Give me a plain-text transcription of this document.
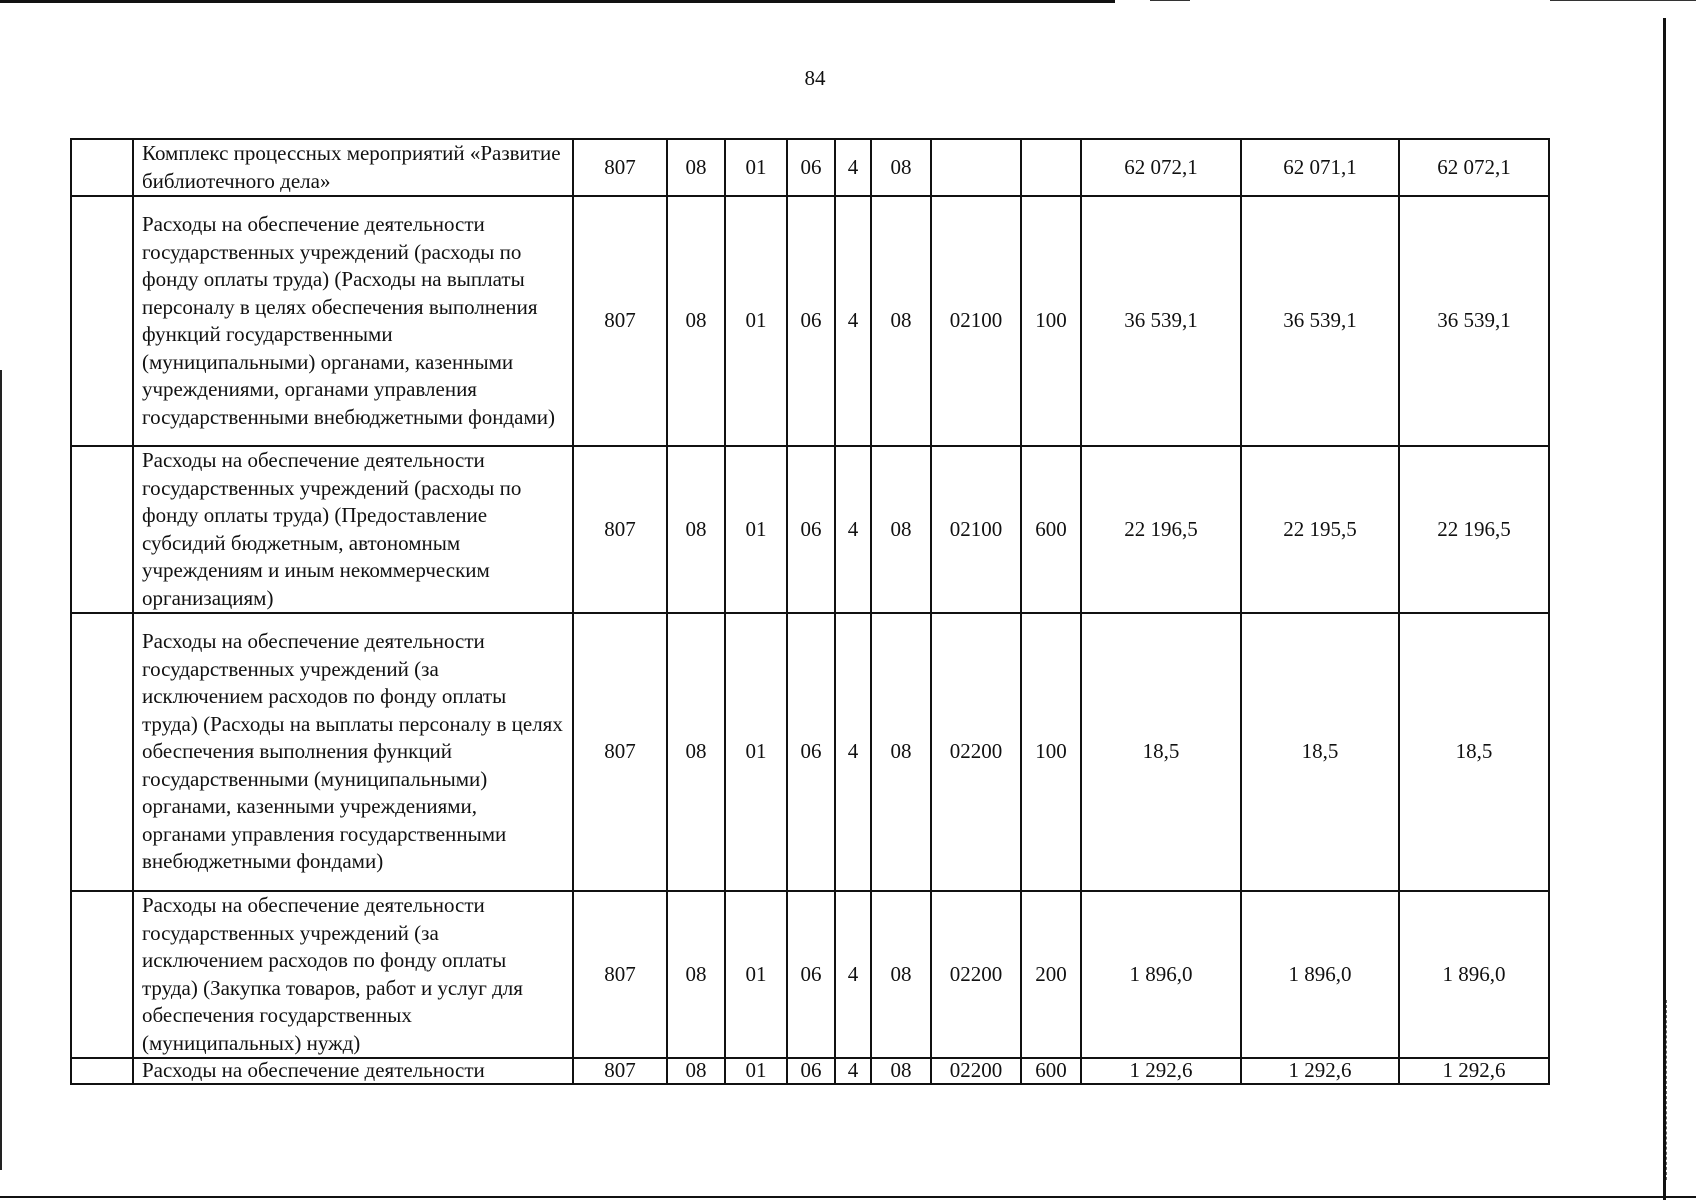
84
	Комплекс процессных мероприятий «Развитие библиотечного дела»	807	08	01	06	4	08			62 072,1	62 071,1	62 072,1
	Расходы на обеспечение деятельности государственных учреждений (расходы по фонду оплаты труда) (Расходы на выплаты персоналу в целях обеспечения выполнения функций государственными (муниципальными) органами, казенными учреждениями, органами управления государственными внебюджетными фондами)	807	08	01	06	4	08	02100	100	36 539,1	36 539,1	36 539,1
	Расходы на обеспечение деятельности государственных учреждений (расходы по фонду оплаты труда) (Предоставление субсидий бюджетным, автономным учреждениям и иным некоммерческим организациям)	807	08	01	06	4	08	02100	600	22 196,5	22 195,5	22 196,5
	Расходы на обеспечение деятельности государственных учреждений (за исключением расходов по фонду оплаты труда) (Расходы на выплаты персоналу в целях обеспечения выполнения функций государственными (муниципальными) органами, казенными учреждениями, органами управления государственными внебюджетными фондами)	807	08	01	06	4	08	02200	100	18,5	18,5	18,5
	Расходы на обеспечение деятельности государственных учреждений (за исключением расходов по фонду оплаты труда) (Закупка товаров, работ и услуг для обеспечения государственных (муниципальных) нужд)	807	08	01	06	4	08	02200	200	1 896,0	1 896,0	1 896,0
	Расходы на обеспечение деятельности	807	08	01	06	4	08	02200	600	1 292,6	1 292,6	1 292,6
